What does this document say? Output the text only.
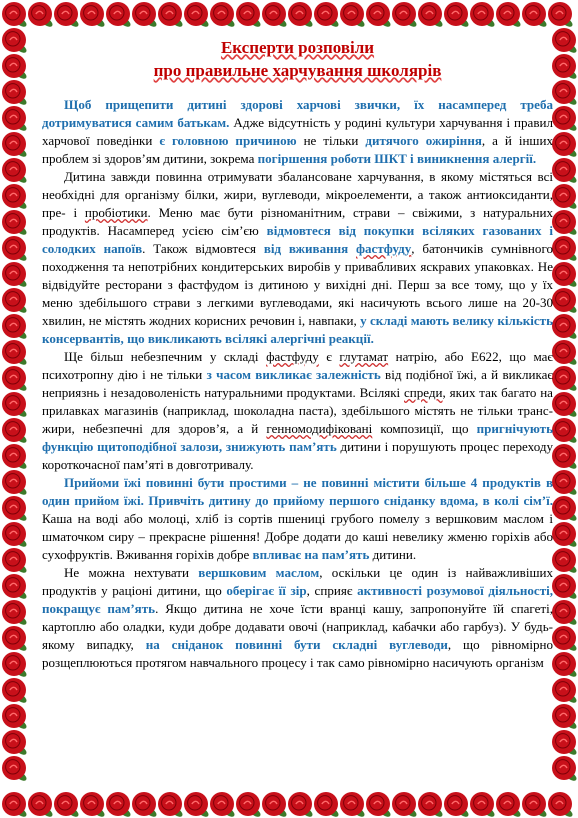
Експерти розповіли
про правильне харчування школярів

Щоб прищепити дитині здорові харчові звички, їх насамперед треба дотримуватися самим батькам. Адже відсутність у родині культури харчування і правил харчової поведінки є головною причиною не тільки дитячого ожиріння, а й інших проблем зі здоров’ям дитини, зокрема погіршення роботи ШКТ і виникнення алергії.

Дитина завжди повинна отримувати збалансоване харчування, в якому містяться всі необхідні для організму білки, жири, вуглеводи, мікроелементи, а також антиоксиданти, пре- і пробіотики. Меню має бути різноманітним, страви – свіжими, з натуральних продуктів. Насамперед усією сім’єю відмовтеся від покупки всіляких газованих і солодких напоїв. Також відмовтеся від вживання фастфуду, батончиків сумнівного походження та непотрібних кондитерських виробів у привабливих яскравих упаковках. Не відвідуйте ресторани з фастфудом із дитиною у вихідні дні. Перш за все тому, що у їх меню здебільшого страви з легкими вуглеводами, які насичують всього лише на 20-30 хвилин, не містять жодних корисних речовин і, навпаки, у складі мають велику кількість консервантів, що викликають всілякі алергічні реакції.

Ще більш небезпечним у складі фастфуду є глутамат натрію, або Е622, що має психотропну дію і не тільки з часом викликає залежність від подібної їжі, а й викликає неприязнь і незадоволеність натуральними продуктами. Всілякі спреди, яких так багато на прилавках магазинів (наприклад, шоколадна паста), здебільшого містять не тільки транс-жири, небезпечні для здоров’я, а й генномодифіковані композиції, що пригнічують функцію щитоподібної залози, знижують пам’ять дитини і порушують процес переходу короткочасної пам’яті в довготривалу.

Прийоми їжі повинні бути простими – не повинні містити більше 4 продуктів в один прийом їжі. Привчіть дитину до прийому першого сніданку вдома, в колі сім’ї. Каша на воді або молоці, хліб із сортів пшениці грубого помелу з вершковим маслом і шматочком сиру – прекрасне рішення! Добре додати до каші невелику жменю горіхів або сухофруктів. Вживання горіхів добре впливає на пам’ять дитини.

Не можна нехтувати вершковим маслом, оскільки це один із найважливіших продуктів у раціоні дитини, що оберігає її зір, сприяє активності розумової діяльності, покращує пам’ять. Якщо дитина не хоче їсти вранці кашу, запропонуйте їй спагеті, картоплю або оладки, куди добре додавати овочі (наприклад, кабачки або гарбуз). У будь-якому випадку, на сніданок повинні бути складні вуглеводи, що рівномірно розщеплюються протягом навчального процесу і так само рівномірно насичують організм
